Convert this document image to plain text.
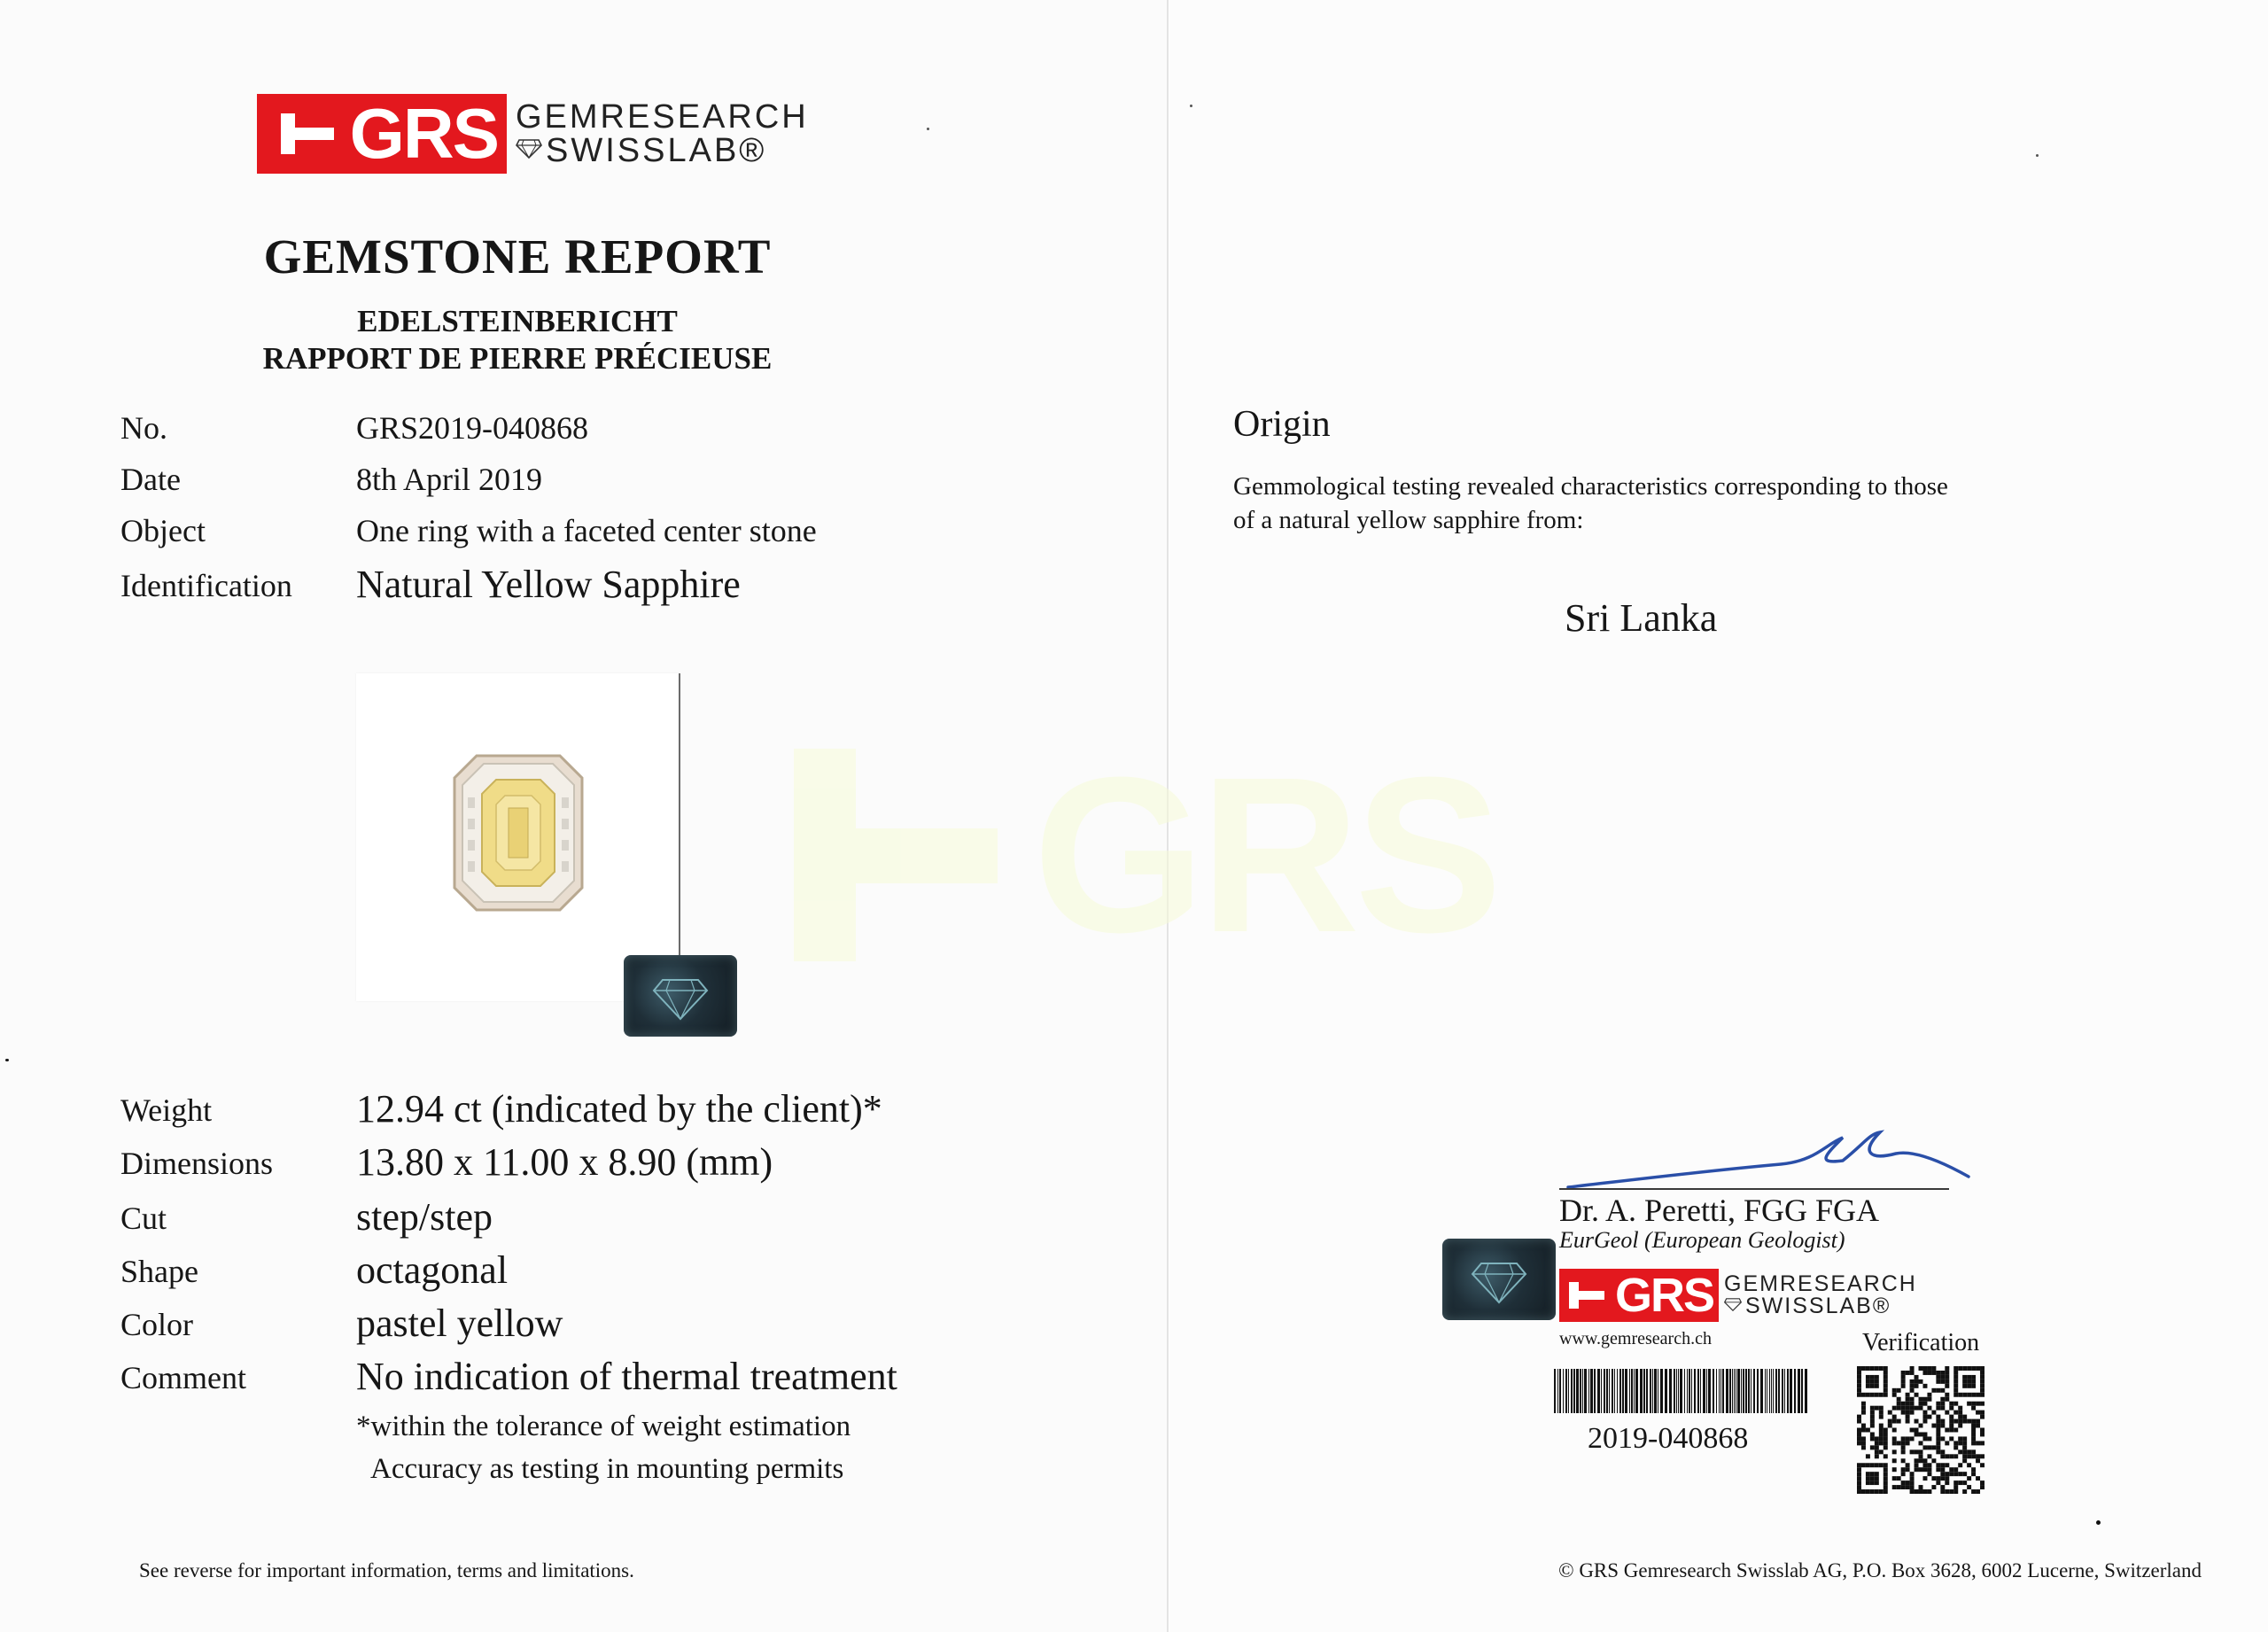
GRS
GRS GEMRESEARCH
SWISSLAB®
GEMSTONE REPORT
EDELSTEINBERICHT
RAPPORT DE PIERRE PRÉCIEUSE
No.	GRS2019-040868
Date	8th April 2019
Object	One ring with a faceted center stone
Identification Natural Yellow Sapphire
Weight	12.94 ct (indicated by the client)*
Dimensions 13.80 x 11.00 x 8.90 (mm)
Cut	step/step
Shape	octagonal
Color	pastel yellow
Comment	No indication of thermal treatment
*within the tolerance of weight estimation
Accuracy as testing in mounting permits
See reverse for important information, terms and limitations.	© GRS Gemresearch Swisslab AG, P.O. Box 3628, 6002 Lucerne, Switzerland
Origin
Gemmological testing revealed characteristics corresponding to those
of a natural yellow sapphire from:
Sri Lanka
Dr. A. Peretti, FGG FGA
EurGeol (European Geologist)
GRS GEMRESEARCH
SWISSLAB®
www.gemresearch.ch	Verification
2019-040868
